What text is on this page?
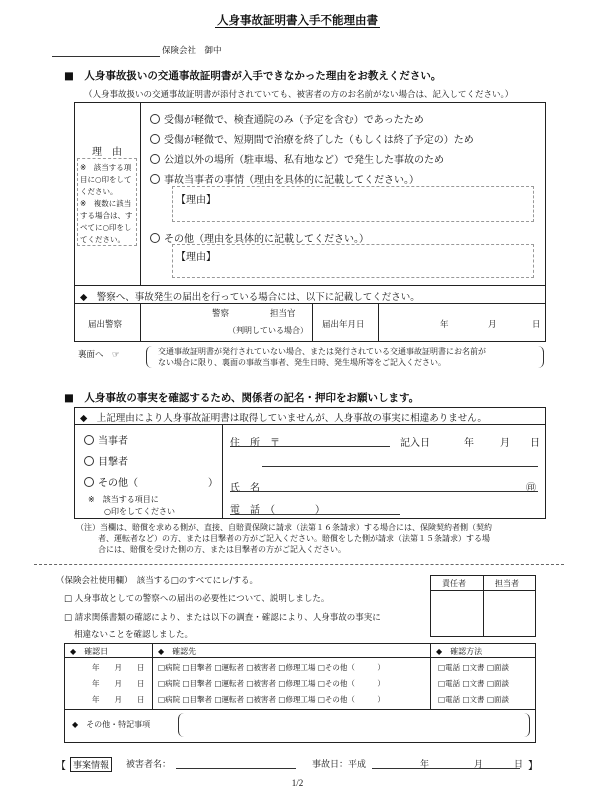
人身事故証明書入手不能理由書
保険会社　御中
■　人身事故扱いの交通事故証明書が入手できなかった理由をお教えください。
（人身事故扱いの交通事故証明書が添付されていても、被害者の方のお名前がない場合は、記入してください。）
理　由
※　該当する項目に○印をしてください。
※　複数に該当する場合は、すべてに○印をしてください。
受傷が軽微で、検査通院のみ（予定を含む）であったため
受傷が軽微で、短期間で治療を終了した（もしくは終了予定の）ため
公道以外の場所（駐車場、私有地など）で発生した事故のため
事故当事者の事情（理由を具体的に記載してください。）
【理由】
その他（理由を具体的に記載してください。）
【理由】
◆　警察へ、事故発生の届出を行っている場合には、以下に記載してください。
届出警察
警察	担当官
（判明している場合）
届出年月日	年	月	日
裏面へ　☞	交通事故証明書が発行されていない場合、または発行されている交通事故証明書にお名前が
ない場合に限り、裏面の事故当事者、発生日時、発生場所等をご記入ください。
■　人身事故の事実を確認するため、関係者の記名・押印をお願いします。
◆　上記理由により人身事故証明書は取得していませんが、人身事故の事実に相違ありません。
当事者
目撃者
その他（　　　　　　　）
※　該当する項目に
○印をしてください
住　所　〒	記入日	年	月 日
氏　名	㊞
電　話　（　　　　）
（注）当欄は、賠償を求める側が、直接、自賠責保険に請求（法第１６条請求）する場合には、保険契約者側（契約
者、運転者など）の方、または目撃者の方がご記入ください。賠償をした側が請求（法第１５条請求）する場
合には、賠償を受けた側の方、または目撃者の方がご記入ください。
（保険会社使用欄）　該当する□のすべてにレ/する。
□ 人身事故としての警察への届出の必要性について、説明しました。
□ 請求関係書類の確認により、または以下の調査・確認により、人身事故の事実に
相違ないことを確認しました。
責任者	担当者
◆　確認日	◆　確認先	◆　確認方法
年　　月　　日 □病院 □目撃者 □運転者 □被害者 □修理工場 □その他（　　　）	□電話 □文書 □面談
年　　月　　日 □病院 □目撃者 □運転者 □被害者 □修理工場 □その他（　　　）	□電話 □文書 □面談
年　　月　　日 □病院 □目撃者 □運転者 □被害者 □修理工場 □その他（　　　）	□電話 □文書 □面談
◆　その他・特記事項
【 事案情報	被害者名：	事故日：平成	年	月	日 】
1/2
